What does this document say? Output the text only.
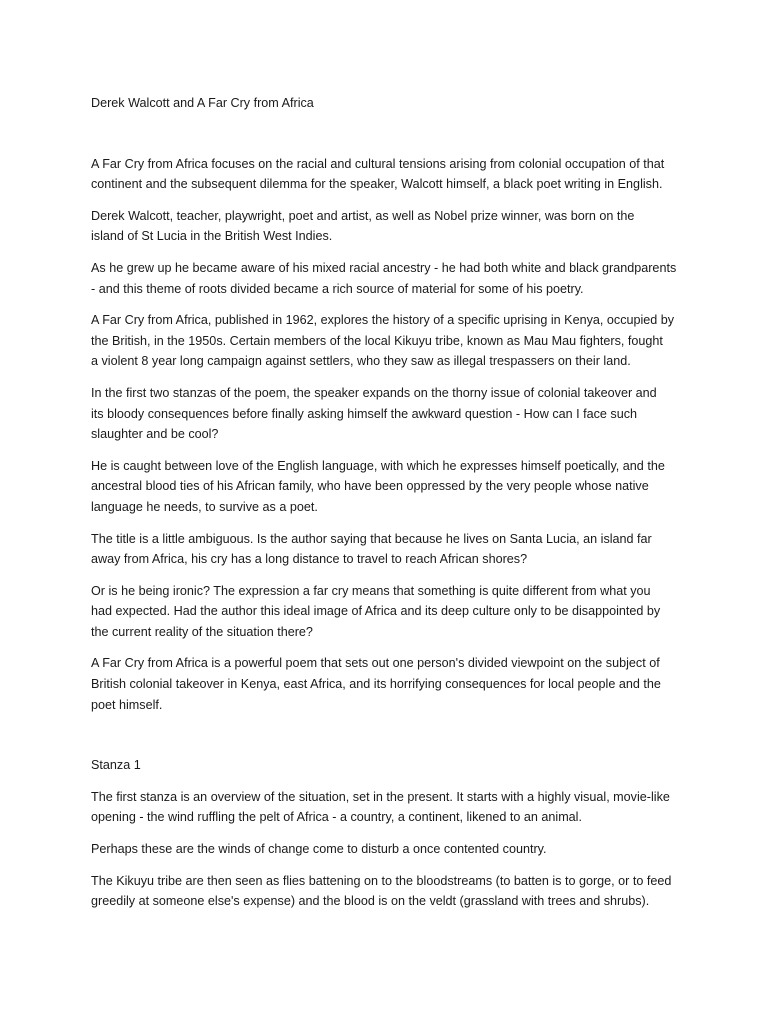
Derek Walcott and A Far Cry from Africa
A Far Cry from Africa focuses on the racial and cultural tensions arising from colonial occupation of that
continent and the subsequent dilemma for the speaker, Walcott himself, a black poet writing in English.
Derek Walcott, teacher, playwright, poet and artist, as well as Nobel prize winner, was born on the
island of St Lucia in the British West Indies.
As he grew up he became aware of his mixed racial ancestry - he had both white and black grandparents
- and this theme of roots divided became a rich source of material for some of his poetry.
A Far Cry from Africa, published in 1962, explores the history of a specific uprising in Kenya, occupied by
the British, in the 1950s. Certain members of the local Kikuyu tribe, known as Mau Mau fighters, fought
a violent 8 year long campaign against settlers, who they saw as illegal trespassers on their land.
In the first two stanzas of the poem, the speaker expands on the thorny issue of colonial takeover and
its bloody consequences before finally asking himself the awkward question - How can I face such
slaughter and be cool?
He is caught between love of the English language, with which he expresses himself poetically, and the
ancestral blood ties of his African family, who have been oppressed by the very people whose native
language he needs, to survive as a poet.
The title is a little ambiguous. Is the author saying that because he lives on Santa Lucia, an island far
away from Africa, his cry has a long distance to travel to reach African shores?
Or is he being ironic? The expression a far cry means that something is quite different from what you
had expected. Had the author this ideal image of Africa and its deep culture only to be disappointed by
the current reality of the situation there?
A Far Cry from Africa is a powerful poem that sets out one person's divided viewpoint on the subject of
British colonial takeover in Kenya, east Africa, and its horrifying consequences for local people and the
poet himself.
Stanza 1
The first stanza is an overview of the situation, set in the present. It starts with a highly visual, movie-like
opening - the wind ruffling the pelt of Africa - a country, a continent, likened to an animal.
Perhaps these are the winds of change come to disturb a once contented country.
The Kikuyu tribe are then seen as flies battening on to the bloodstreams (to batten is to gorge, or to feed
greedily at someone else's expense) and the blood is on the veldt (grassland with trees and shrubs).
